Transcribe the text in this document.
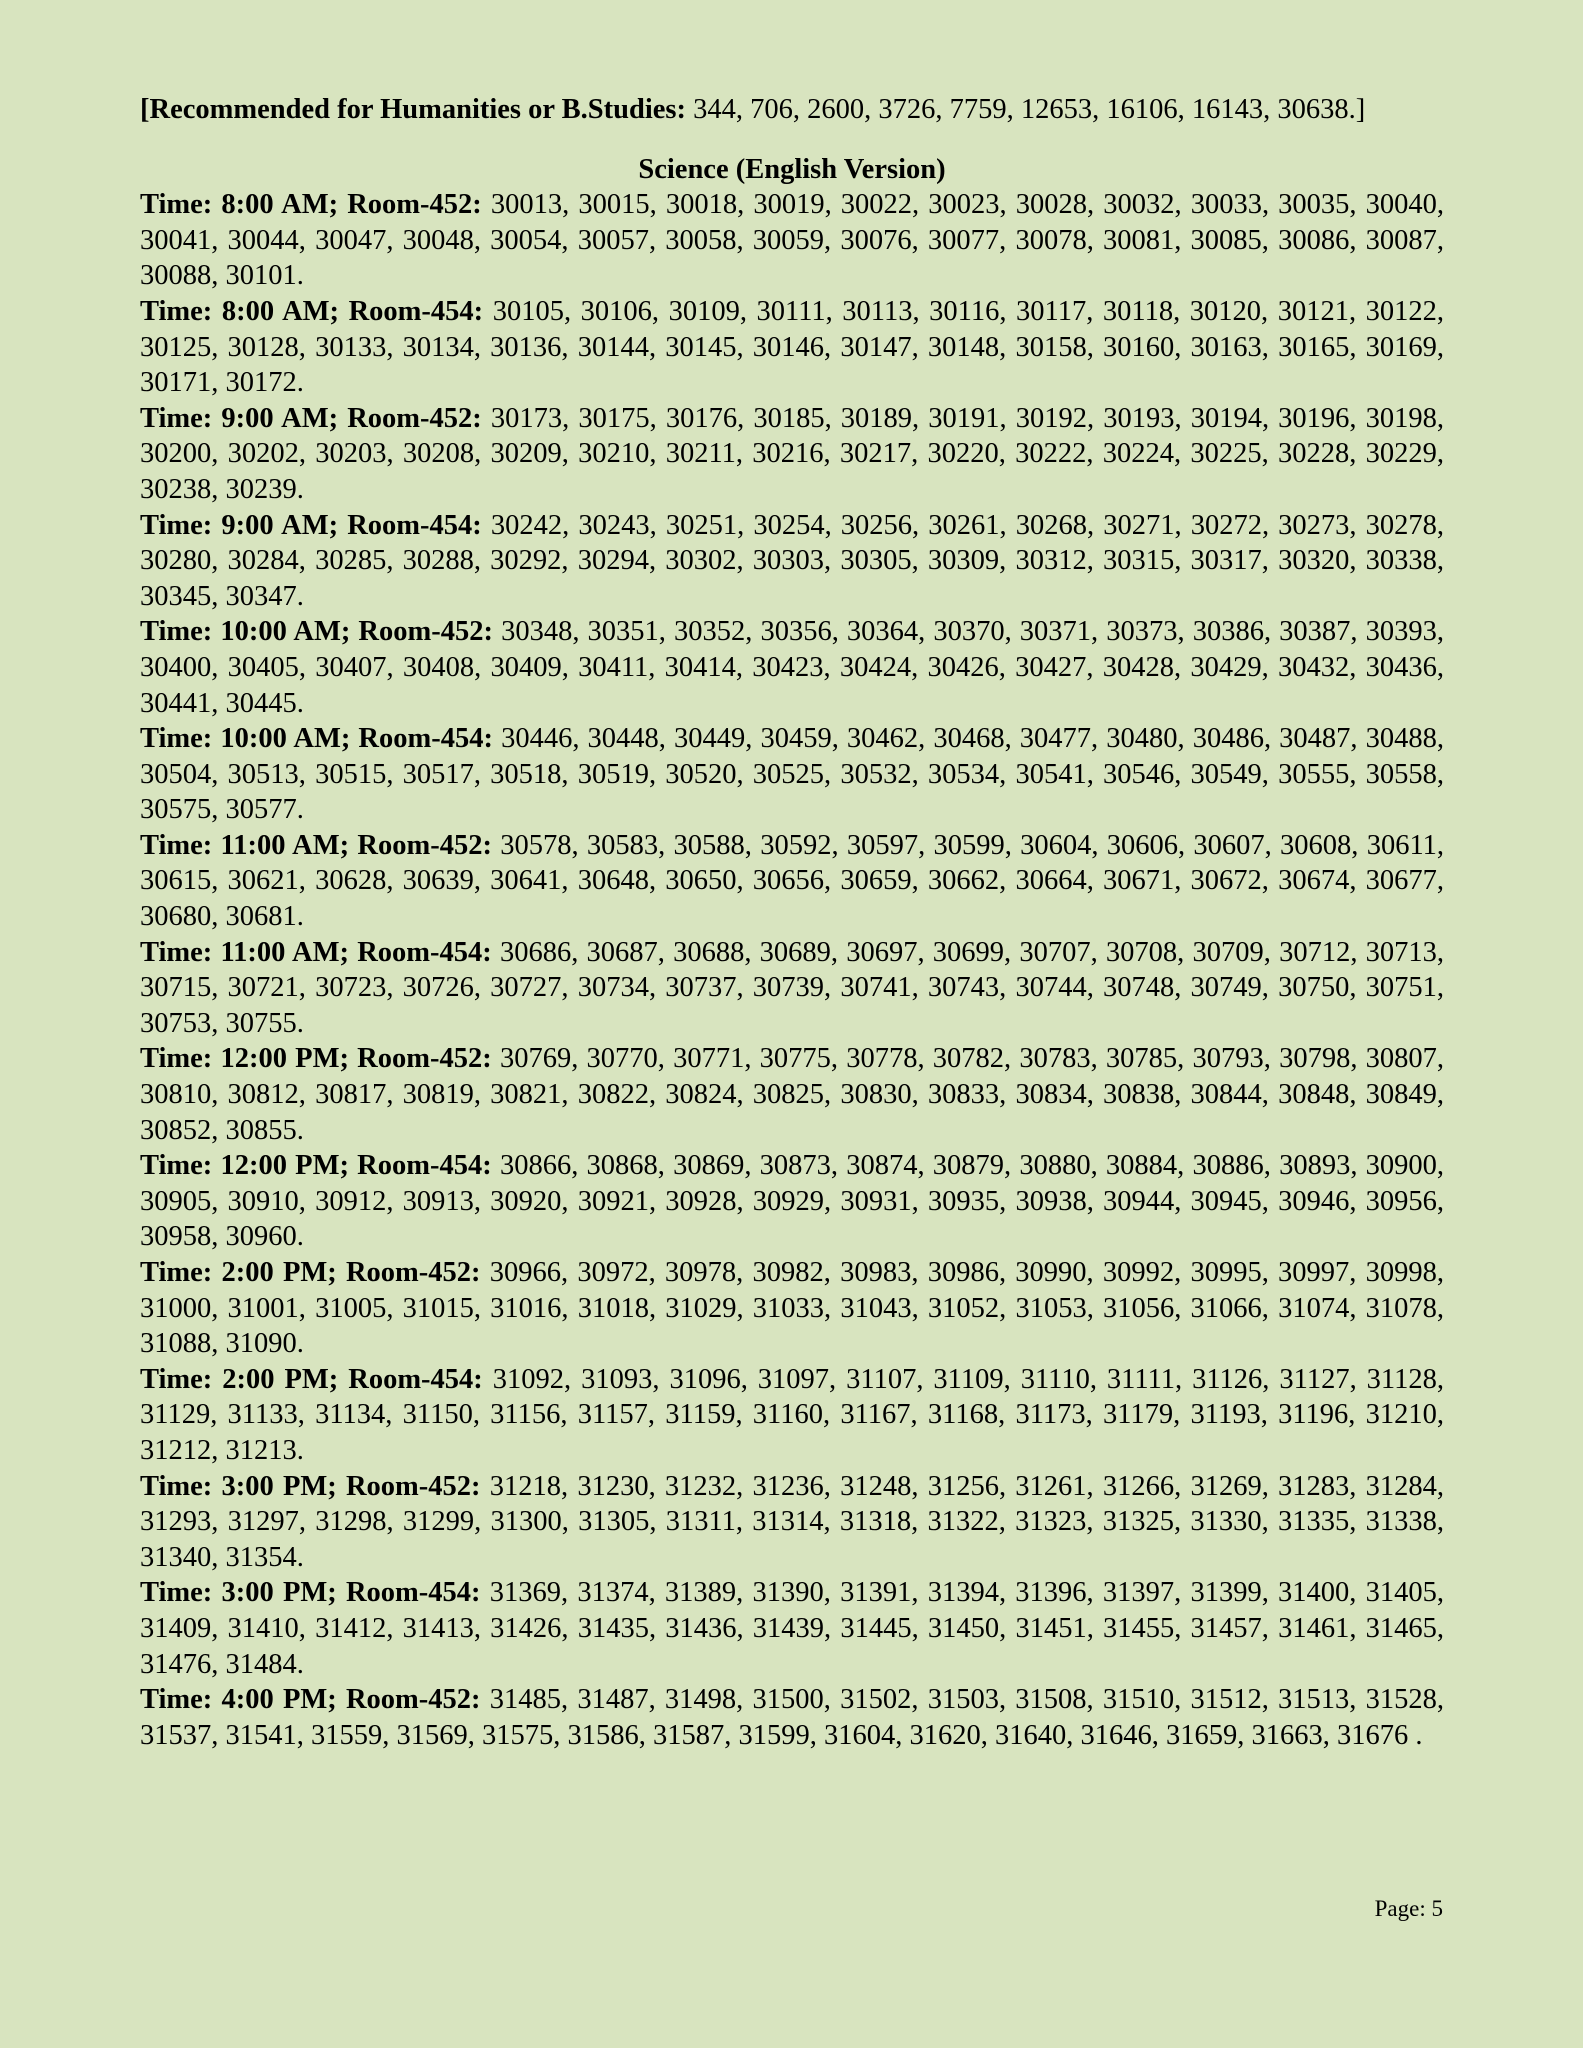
[Recommended for Humanities or B.Studies: 344, 706, 2600, 3726, 7759, 12653, 16106, 16143, 30638.]

Science (English Version)

Time: 8:00 AM; Room-452: 30013, 30015, 30018, 30019, 30022, 30023, 30028, 30032, 30033, 30035, 30040, 30041, 30044, 30047, 30048, 30054, 30057, 30058, 30059, 30076, 30077, 30078, 30081, 30085, 30086, 30087, 30088, 30101.

Time: 8:00 AM; Room-454: 30105, 30106, 30109, 30111, 30113, 30116, 30117, 30118, 30120, 30121, 30122, 30125, 30128, 30133, 30134, 30136, 30144, 30145, 30146, 30147, 30148, 30158, 30160, 30163, 30165, 30169, 30171, 30172.

Time: 9:00 AM; Room-452: 30173, 30175, 30176, 30185, 30189, 30191, 30192, 30193, 30194, 30196, 30198, 30200, 30202, 30203, 30208, 30209, 30210, 30211, 30216, 30217, 30220, 30222, 30224, 30225, 30228, 30229, 30238, 30239.

Time: 9:00 AM; Room-454: 30242, 30243, 30251, 30254, 30256, 30261, 30268, 30271, 30272, 30273, 30278, 30280, 30284, 30285, 30288, 30292, 30294, 30302, 30303, 30305, 30309, 30312, 30315, 30317, 30320, 30338, 30345, 30347.

Time: 10:00 AM; Room-452: 30348, 30351, 30352, 30356, 30364, 30370, 30371, 30373, 30386, 30387, 30393, 30400, 30405, 30407, 30408, 30409, 30411, 30414, 30423, 30424, 30426, 30427, 30428, 30429, 30432, 30436, 30441, 30445.

Time: 10:00 AM; Room-454: 30446, 30448, 30449, 30459, 30462, 30468, 30477, 30480, 30486, 30487, 30488, 30504, 30513, 30515, 30517, 30518, 30519, 30520, 30525, 30532, 30534, 30541, 30546, 30549, 30555, 30558, 30575, 30577.

Time: 11:00 AM; Room-452: 30578, 30583, 30588, 30592, 30597, 30599, 30604, 30606, 30607, 30608, 30611, 30615, 30621, 30628, 30639, 30641, 30648, 30650, 30656, 30659, 30662, 30664, 30671, 30672, 30674, 30677, 30680, 30681.

Time: 11:00 AM; Room-454: 30686, 30687, 30688, 30689, 30697, 30699, 30707, 30708, 30709, 30712, 30713, 30715, 30721, 30723, 30726, 30727, 30734, 30737, 30739, 30741, 30743, 30744, 30748, 30749, 30750, 30751, 30753, 30755.

Time: 12:00 PM; Room-452: 30769, 30770, 30771, 30775, 30778, 30782, 30783, 30785, 30793, 30798, 30807, 30810, 30812, 30817, 30819, 30821, 30822, 30824, 30825, 30830, 30833, 30834, 30838, 30844, 30848, 30849, 30852, 30855.

Time: 12:00 PM; Room-454: 30866, 30868, 30869, 30873, 30874, 30879, 30880, 30884, 30886, 30893, 30900, 30905, 30910, 30912, 30913, 30920, 30921, 30928, 30929, 30931, 30935, 30938, 30944, 30945, 30946, 30956, 30958, 30960.

Time: 2:00 PM; Room-452: 30966, 30972, 30978, 30982, 30983, 30986, 30990, 30992, 30995, 30997, 30998, 31000, 31001, 31005, 31015, 31016, 31018, 31029, 31033, 31043, 31052, 31053, 31056, 31066, 31074, 31078, 31088, 31090.

Time: 2:00 PM; Room-454: 31092, 31093, 31096, 31097, 31107, 31109, 31110, 31111, 31126, 31127, 31128, 31129, 31133, 31134, 31150, 31156, 31157, 31159, 31160, 31167, 31168, 31173, 31179, 31193, 31196, 31210, 31212, 31213.

Time: 3:00 PM; Room-452: 31218, 31230, 31232, 31236, 31248, 31256, 31261, 31266, 31269, 31283, 31284, 31293, 31297, 31298, 31299, 31300, 31305, 31311, 31314, 31318, 31322, 31323, 31325, 31330, 31335, 31338, 31340, 31354.

Time: 3:00 PM; Room-454: 31369, 31374, 31389, 31390, 31391, 31394, 31396, 31397, 31399, 31400, 31405, 31409, 31410, 31412, 31413, 31426, 31435, 31436, 31439, 31445, 31450, 31451, 31455, 31457, 31461, 31465, 31476, 31484.

Time: 4:00 PM; Room-452: 31485, 31487, 31498, 31500, 31502, 31503, 31508, 31510, 31512, 31513, 31528, 31537, 31541, 31559, 31569, 31575, 31586, 31587, 31599, 31604, 31620, 31640, 31646, 31659, 31663, 31676 .

Page: 5
